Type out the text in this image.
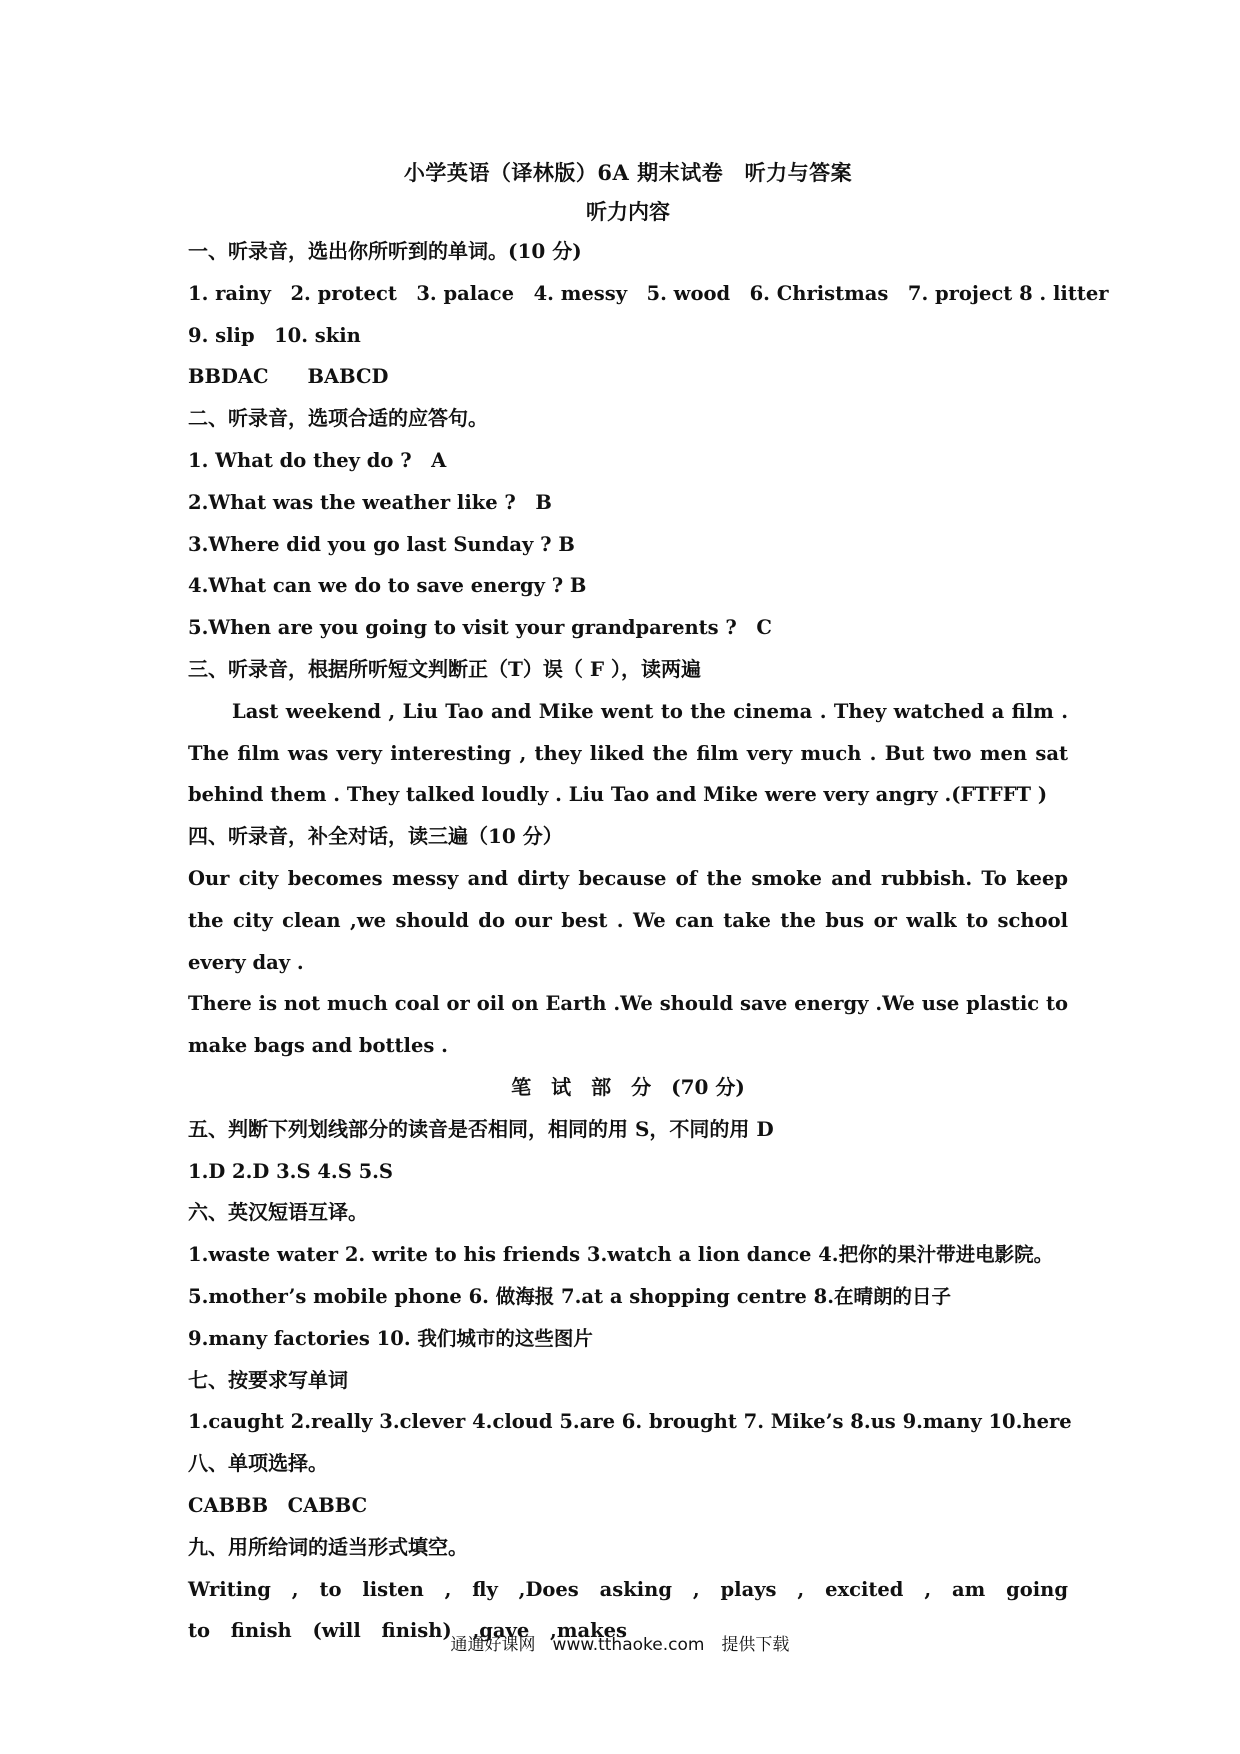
小学英语（译林版）6A 期末试卷　听力与答案
听力内容
一、听录音，选出你所听到的单词。(10 分)
1. rainy　2. protect　3. palace　4. messy　5. wood　6. Christmas　7. project 8 . litter
9. slip　10. skin
BBDAC　　BABCD
二、听录音，选项合适的应答句。
1. What do they do ?　A
2.What was the weather like ?　B
3.Where did you go last Sunday ? B
4.What can we do to save energy ? B
5.When are you going to visit your grandparents ?　C
三、听录音，根据所听短文判断正（T）误（ F ），读两遍
Last weekend , Liu Tao and Mike went to the cinema . They watched a film . The film was very interesting , they liked the film very much . But two men sat behind them . They talked loudly . Liu Tao and Mike were very angry .(FTFFT )
四、听录音，补全对话，读三遍（10 分）
Our city becomes messy and dirty because of the smoke and rubbish. To keep the city clean ,we should do our best . We can take the bus or walk to school every day .
There is not much coal or oil on Earth .We should save energy .We use plastic to make bags and bottles .
笔　试　部　分　(70 分)
五、判断下列划线部分的读音是否相同，相同的用 S，不同的用 D
1.D 2.D 3.S 4.S 5.S
六、英汉短语互译。
1.waste water 2. write to his friends 3.watch a lion dance 4.把你的果汁带进电影院。
5.mother’s mobile phone 6. 做海报 7.at a shopping centre 8.在晴朗的日子
9.many factories 10. 我们城市的这些图片
七、按要求写单词
1.caught 2.really 3.clever 4.cloud 5.are 6. brought 7. Mike’s 8.us 9.many 10.here
八、单项选择。
CABBB　CABBC
九、用所给词的适当形式填空。
Writing , to listen , fly ,Does asking , plays , excited , am going to finish (will finish) ,gave ,makes
通通好课网　www.tthaoke.com　提供下载
